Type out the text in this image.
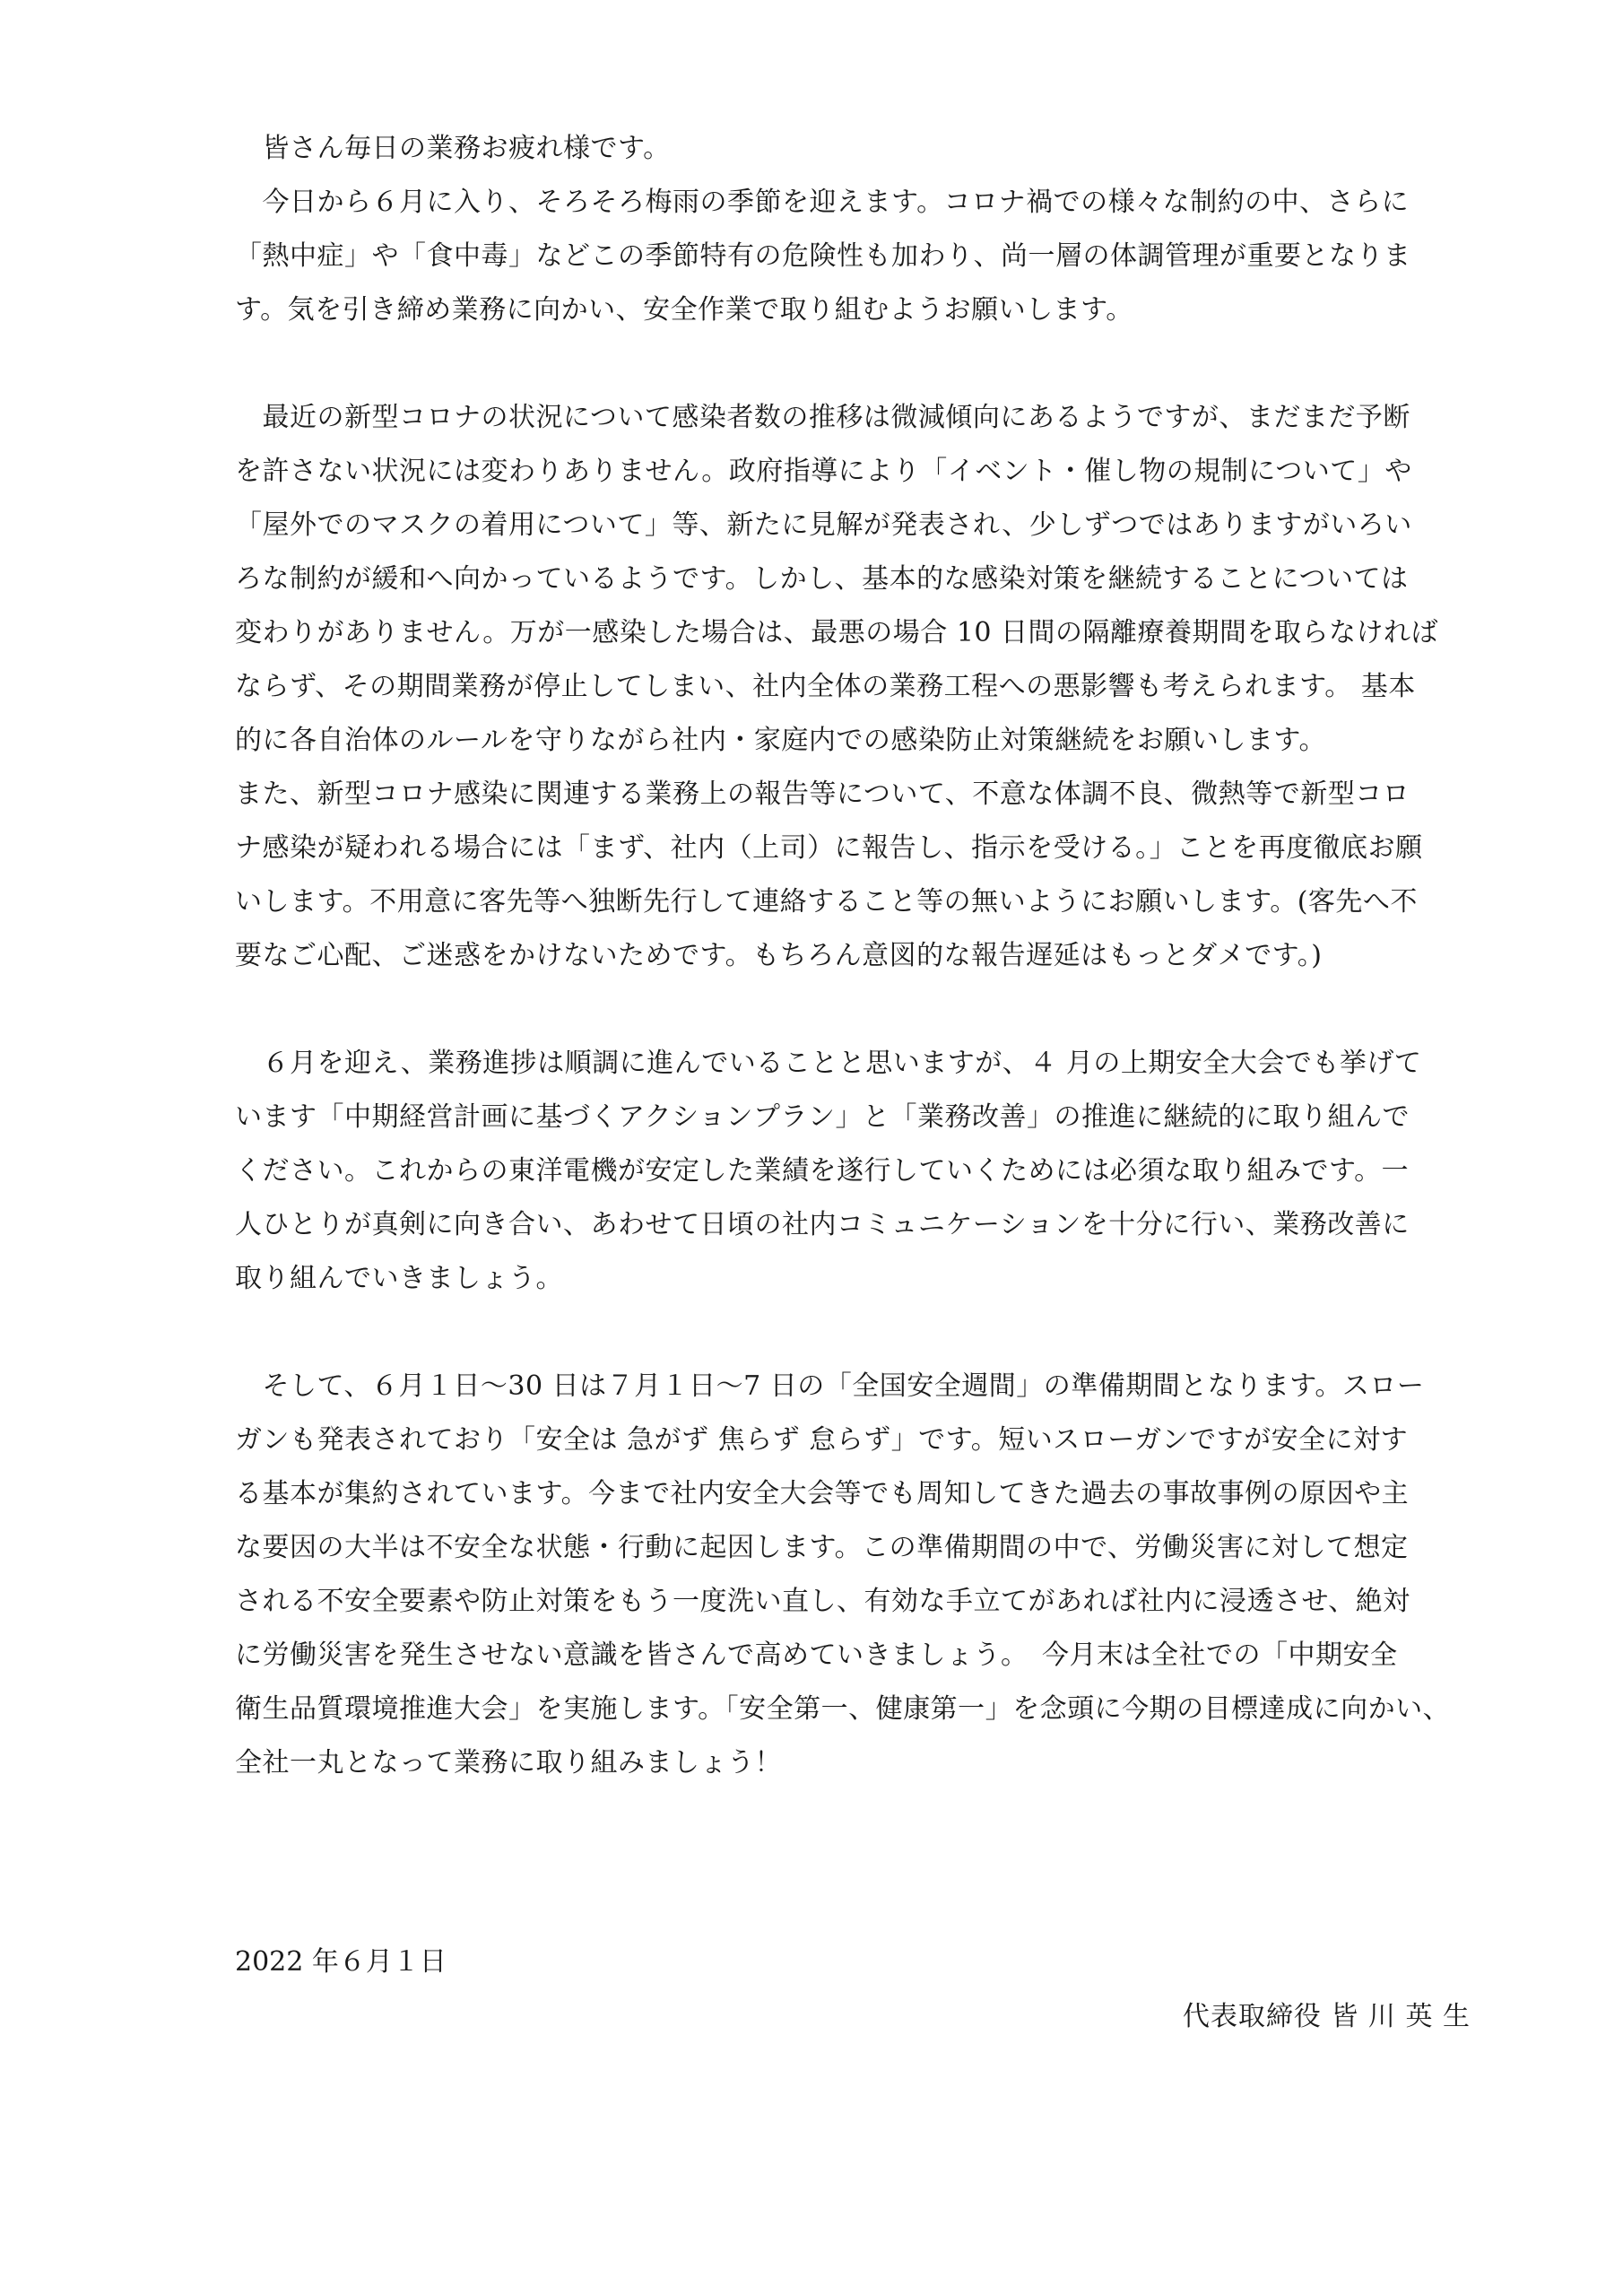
　皆さん毎日の業務お疲れ様です。
　今日から６月に入り、そろそろ梅雨の季節を迎えます。コロナ禍での様々な制約の中、さらに
「熱中症」や「食中毒」などこの季節特有の危険性も加わり、尚一層の体調管理が重要となりま
す。気を引き締め業務に向かい、安全作業で取り組むようお願いします。
　最近の新型コロナの状況について感染者数の推移は微減傾向にあるようですが、まだまだ予断
を許さない状況には変わりありません。政府指導により「イベント・催し物の規制について」や
「屋外でのマスクの着用について」等、新たに見解が発表され、少しずつではありますがいろい
ろな制約が緩和へ向かっているようです。しかし、基本的な感染対策を継続することについては
変わりがありません。万が一感染した場合は、最悪の場合 10 日間の隔離療養期間を取らなければ
ならず、その期間業務が停止してしまい、社内全体の業務工程への悪影響も考えられます。 基本
的に各自治体のルールを守りながら社内・家庭内での感染防止対策継続をお願いします。
また、新型コロナ感染に関連する業務上の報告等について、不意な体調不良、微熱等で新型コロ
ナ感染が疑われる場合には「まず、社内（上司）に報告し、指示を受ける。」ことを再度徹底お願
いします。不用意に客先等へ独断先行して連絡すること等の無いようにお願いします。(客先へ不
要なご心配、ご迷惑をかけないためです。もちろん意図的な報告遅延はもっとダメです。)
　６月を迎え、業務進捗は順調に進んでいることと思いますが、４ 月の上期安全大会でも挙げて
います「中期経営計画に基づくアクションプラン」と「業務改善」の推進に継続的に取り組んで
ください。これからの東洋電機が安定した業績を遂行していくためには必須な取り組みです。一
人ひとりが真剣に向き合い、あわせて日頃の社内コミュニケーションを十分に行い、業務改善に
取り組んでいきましょう。
　そして、６月１日～30 日は７月１日～7 日の「全国安全週間」の準備期間となります。スロー
ガンも発表されており「安全は 急がず 焦らず 怠らず」です。短いスローガンですが安全に対す
る基本が集約されています。今まで社内安全大会等でも周知してきた過去の事故事例の原因や主
な要因の大半は不安全な状態・行動に起因します。この準備期間の中で、労働災害に対して想定
される不安全要素や防止対策をもう一度洗い直し、有効な手立てがあれば社内に浸透させ、絶対
に労働災害を発生させない意識を皆さんで高めていきましょう。　今月末は全社での「中期安全
衛生品質環境推進大会」を実施します。「安全第一、健康第一」を念頭に今期の目標達成に向かい、
全社一丸となって業務に取り組みましょう！
2022 年６月１日
代表取締役 皆 川 英 生
